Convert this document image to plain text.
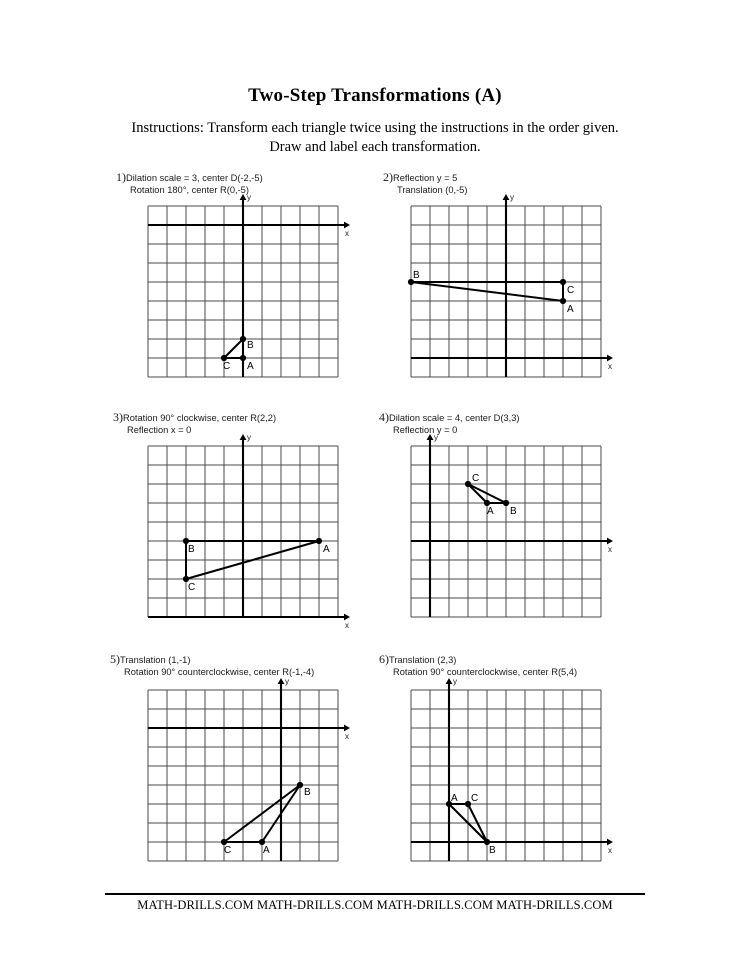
Two-Step Transformations (A)
Instructions: Transform each triangle twice using the instructions in the order given.
Draw and label each transformation.
1)Dilation scale = 3, center D(-2,-5)
Rotation 180°, center R(0,-5)
x
y
A
B
C
2)Reflection y = 5
Translation (0,-5)
x
y
A
B
C
3)Rotation 90° clockwise, center R(2,2)
Reflection x = 0
x
y
A
B
C
4)Dilation scale = 4, center D(3,3)
Reflection y = 0
x
y
A B
C
5)Translation (1,-1)
Rotation 90° counterclockwise, center R(-1,-4)
x
y
A
B
C
6)Translation (2,3)
Rotation 90° counterclockwise, center R(5,4)
x
y
A
B
C
MATH-DRILLS.COM MATH-DRILLS.COM MATH-DRILLS.COM MATH-DRILLS.COM
